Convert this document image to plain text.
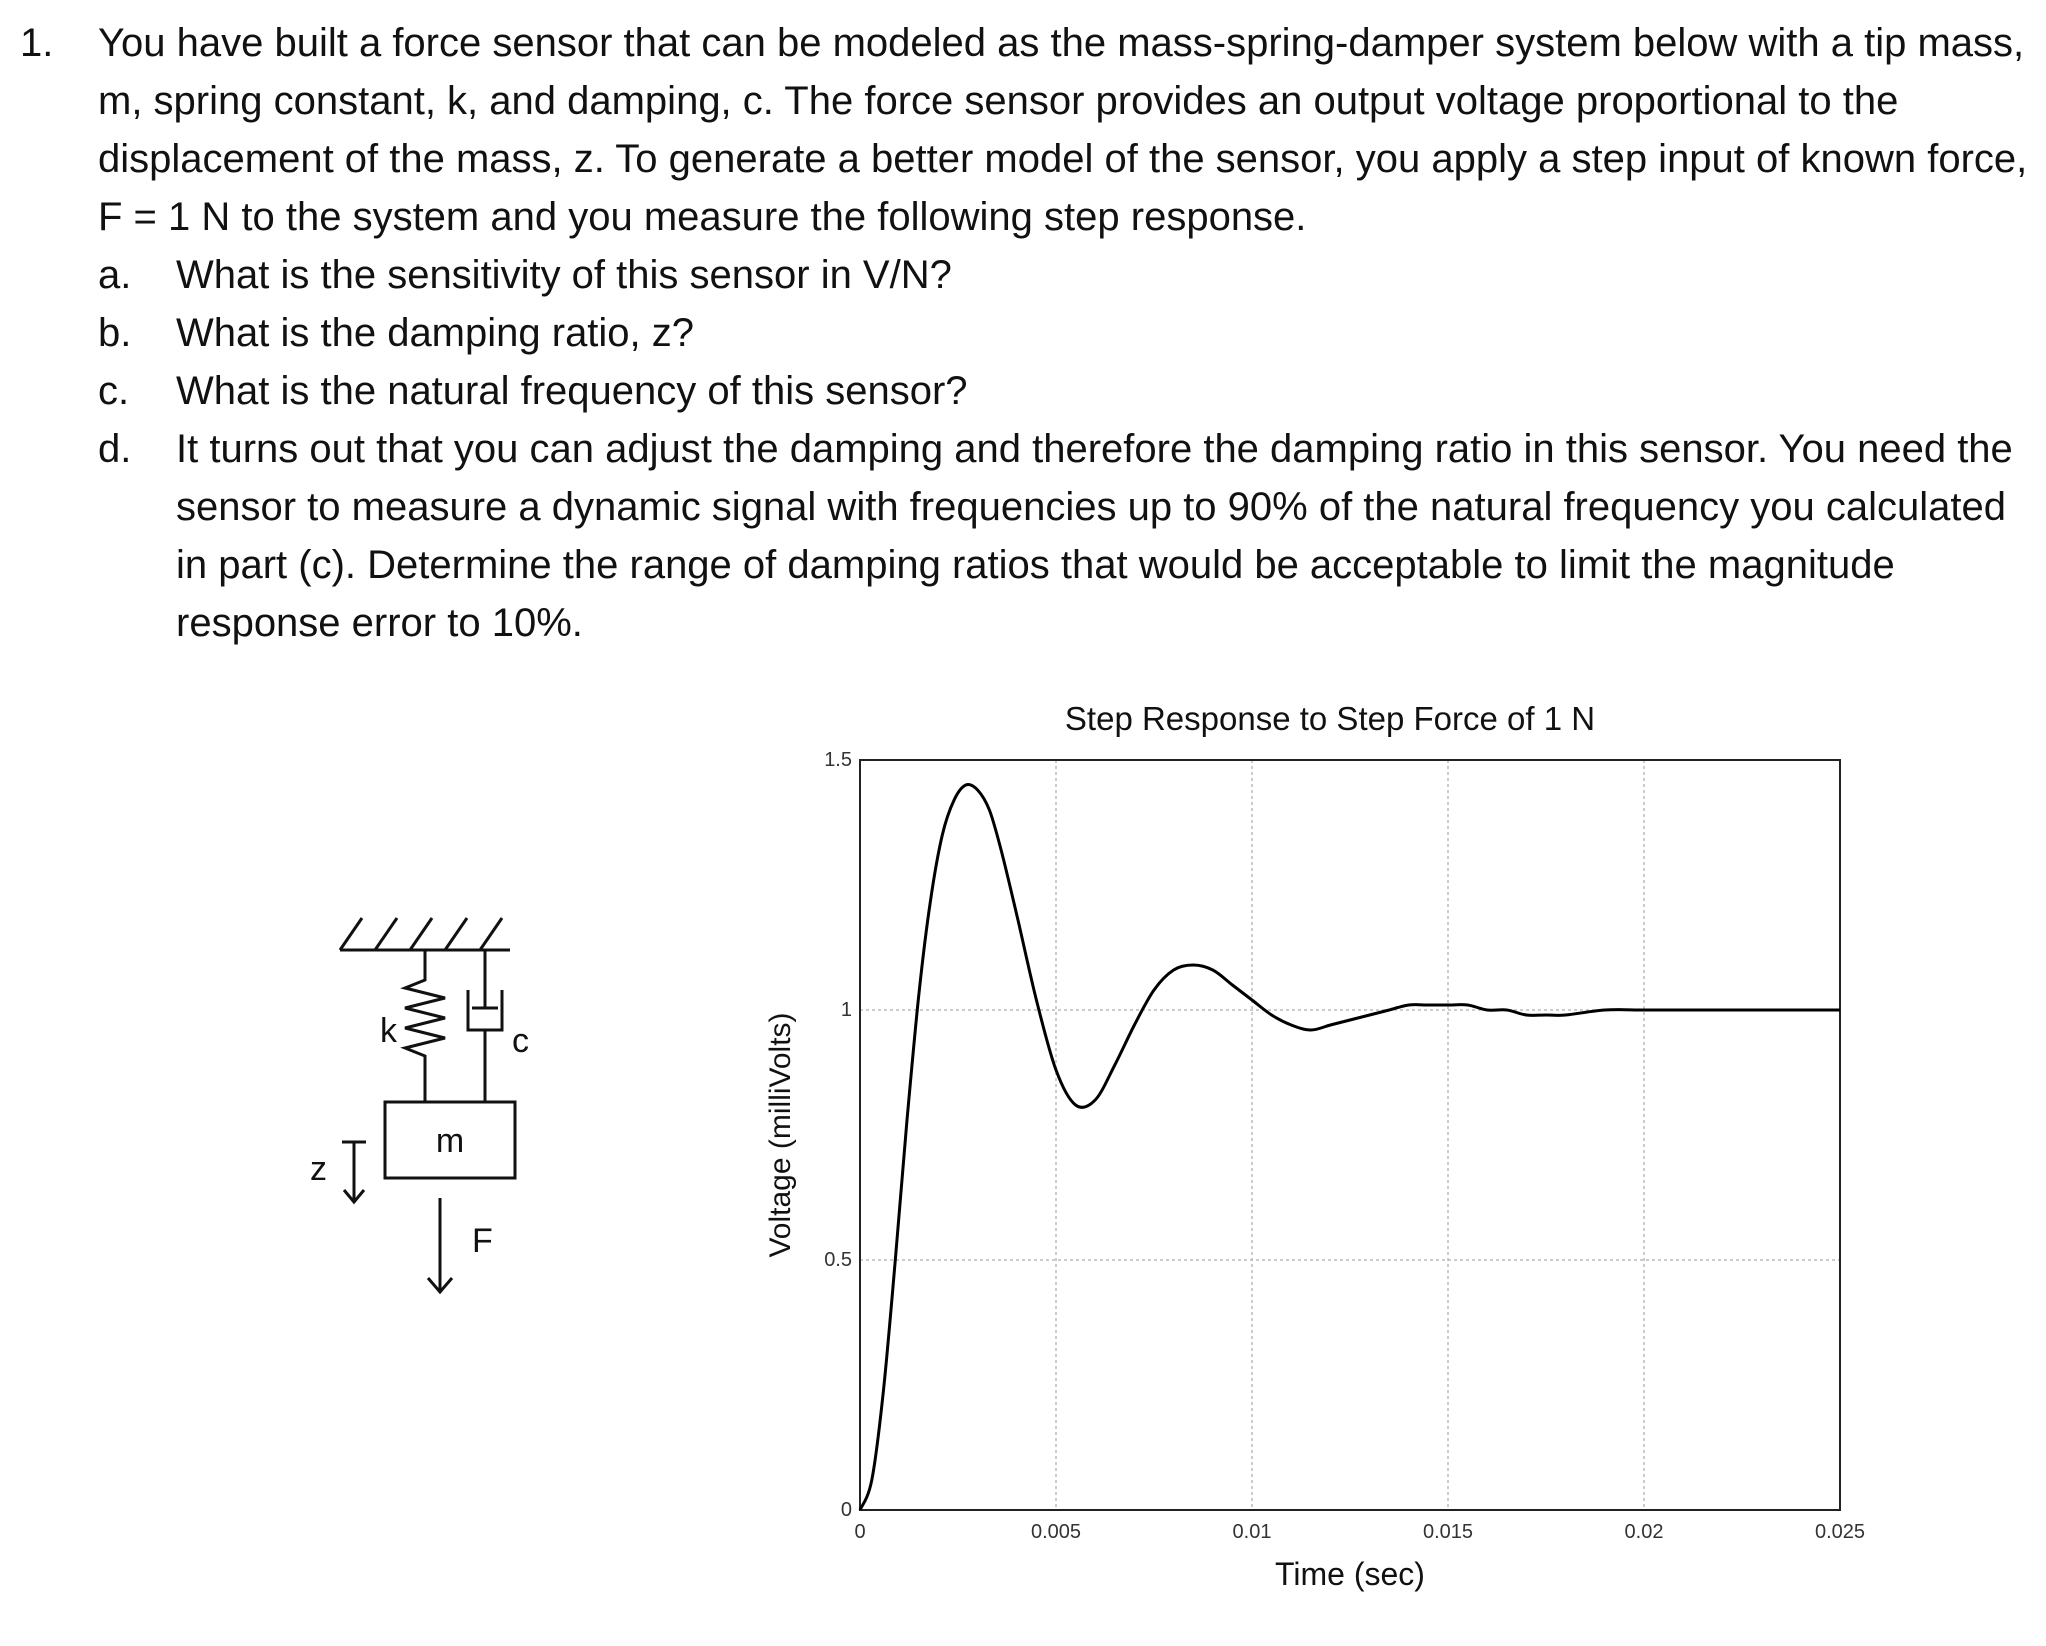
1.	You have built a force sensor that can be modeled as the mass-spring-damper system below with a tip mass, m, spring constant, k, and damping, c. The force sensor provides an output voltage proportional to the displacement of the mass, z. To generate a better model of the sensor, you apply a step input of known force, F = 1 N to the system and you measure the following step response.
a.	What is the sensitivity of this sensor in V/N?
b.	What is the damping ratio, z?
c.	What is the natural frequency of this sensor?
d.	It turns out that you can adjust the damping and therefore the damping ratio in this sensor. You need the sensor to measure a dynamic signal with frequencies up to 90% of the natural frequency you calculated in part (c). Determine the range of damping ratios that would be acceptable to limit the magnitude response error to 10%.
k	c
m
z
F
Step Response to Step Force of 1 N
0	0.005	0.01	0.015	0.02	0.025
0
0.5
1
1.5
Time (sec)
Voltage (milliVolts)
